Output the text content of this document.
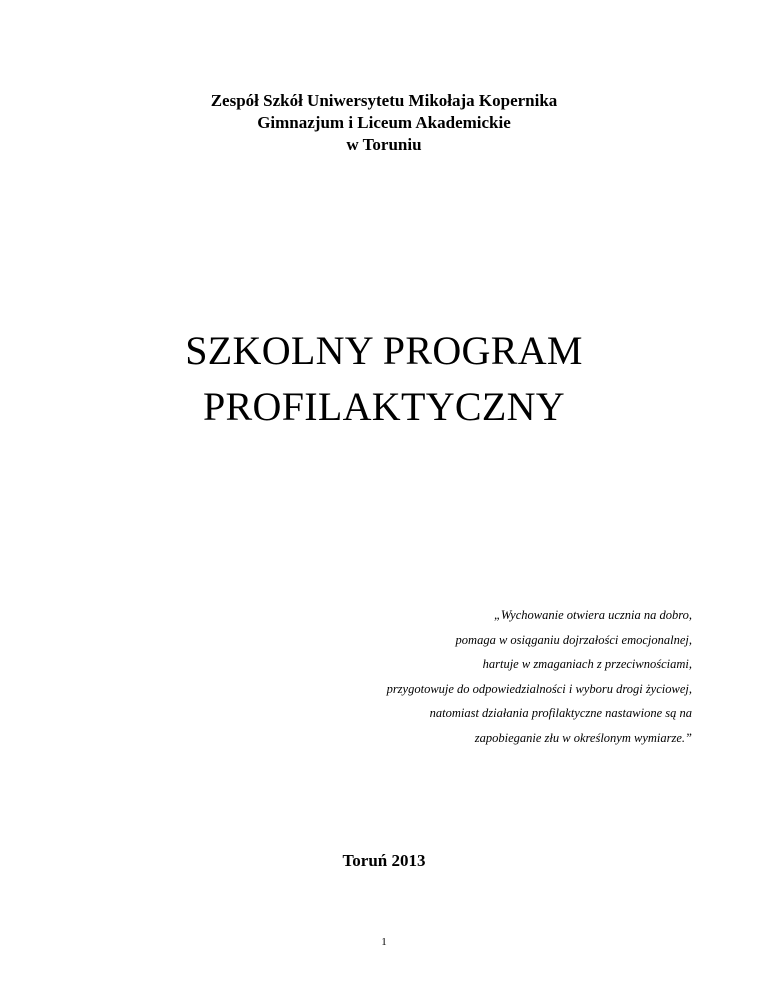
Zespół Szkół Uniwersytetu Mikołaja Kopernika
Gimnazjum i Liceum Akademickie
w Toruniu
SZKOLNY PROGRAM
PROFILAKTYCZNY
„Wychowanie otwiera ucznia na dobro,
pomaga w osiąganiu dojrzałości emocjonalnej,
hartuje w zmaganiach z przeciwnościami,
przygotowuje do odpowiedzialności i wyboru drogi życiowej,
natomiast działania profilaktyczne nastawione są na
zapobieganie złu w określonym wymiarze.”
Toruń 2013
1
